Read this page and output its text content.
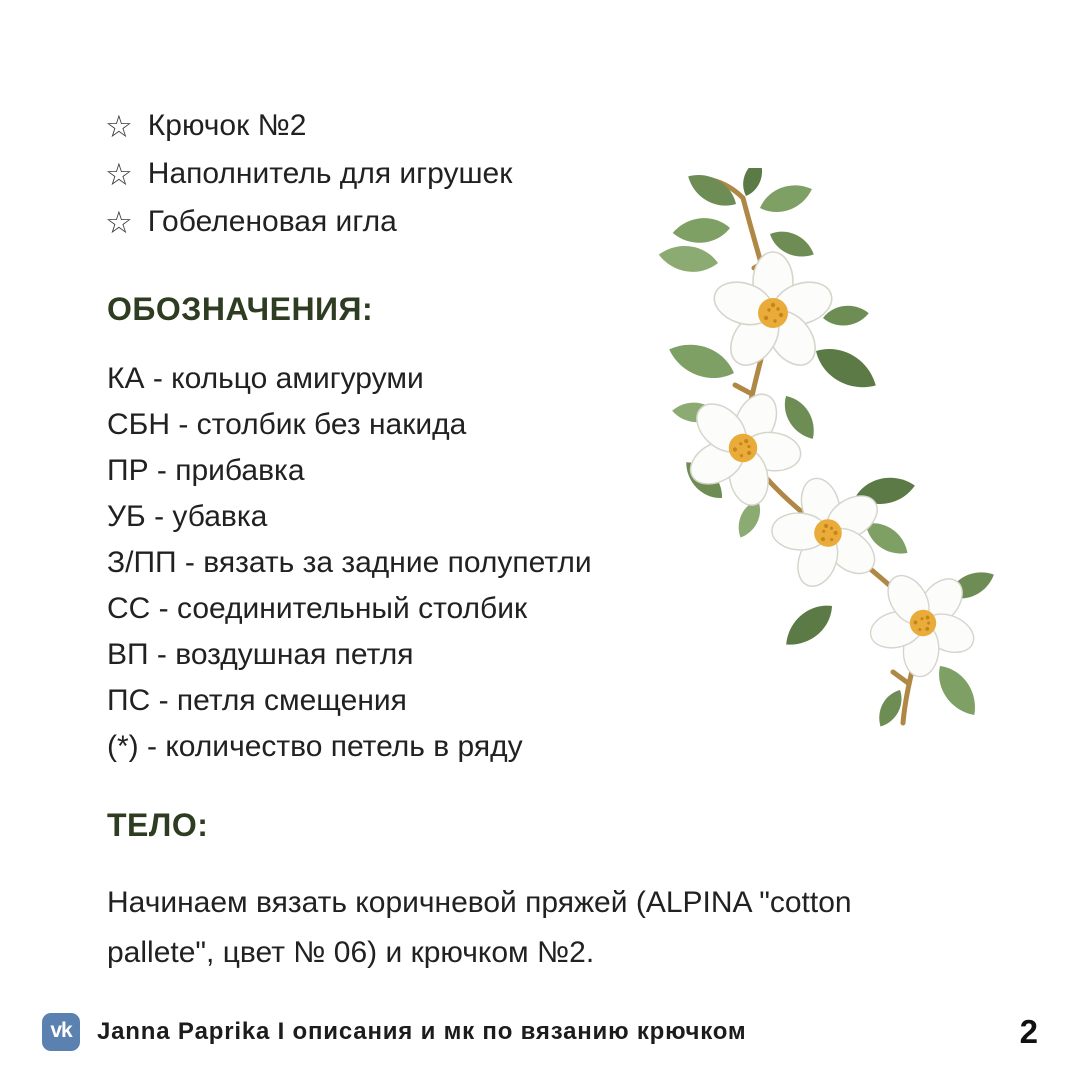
☆ Крючок №2
☆ Наполнитель для игрушек
☆ Гобеленовая игла
ОБОЗНАЧЕНИЯ:
КА - кольцо амигуруми
СБН - столбик без накида
ПР - прибавка
УБ - убавка
З/ПП - вязать за задние полупетли
СС - соединительный столбик
ВП - воздушная петля
ПС - петля смещения
(*) - количество петель в ряду
ТЕЛО:
Начинаем вязать коричневой пряжей (ALPINA "cotton pallete", цвет № 06) и крючком №2.
vk Janna Paprika I описания и мк по вязанию крючком	2
